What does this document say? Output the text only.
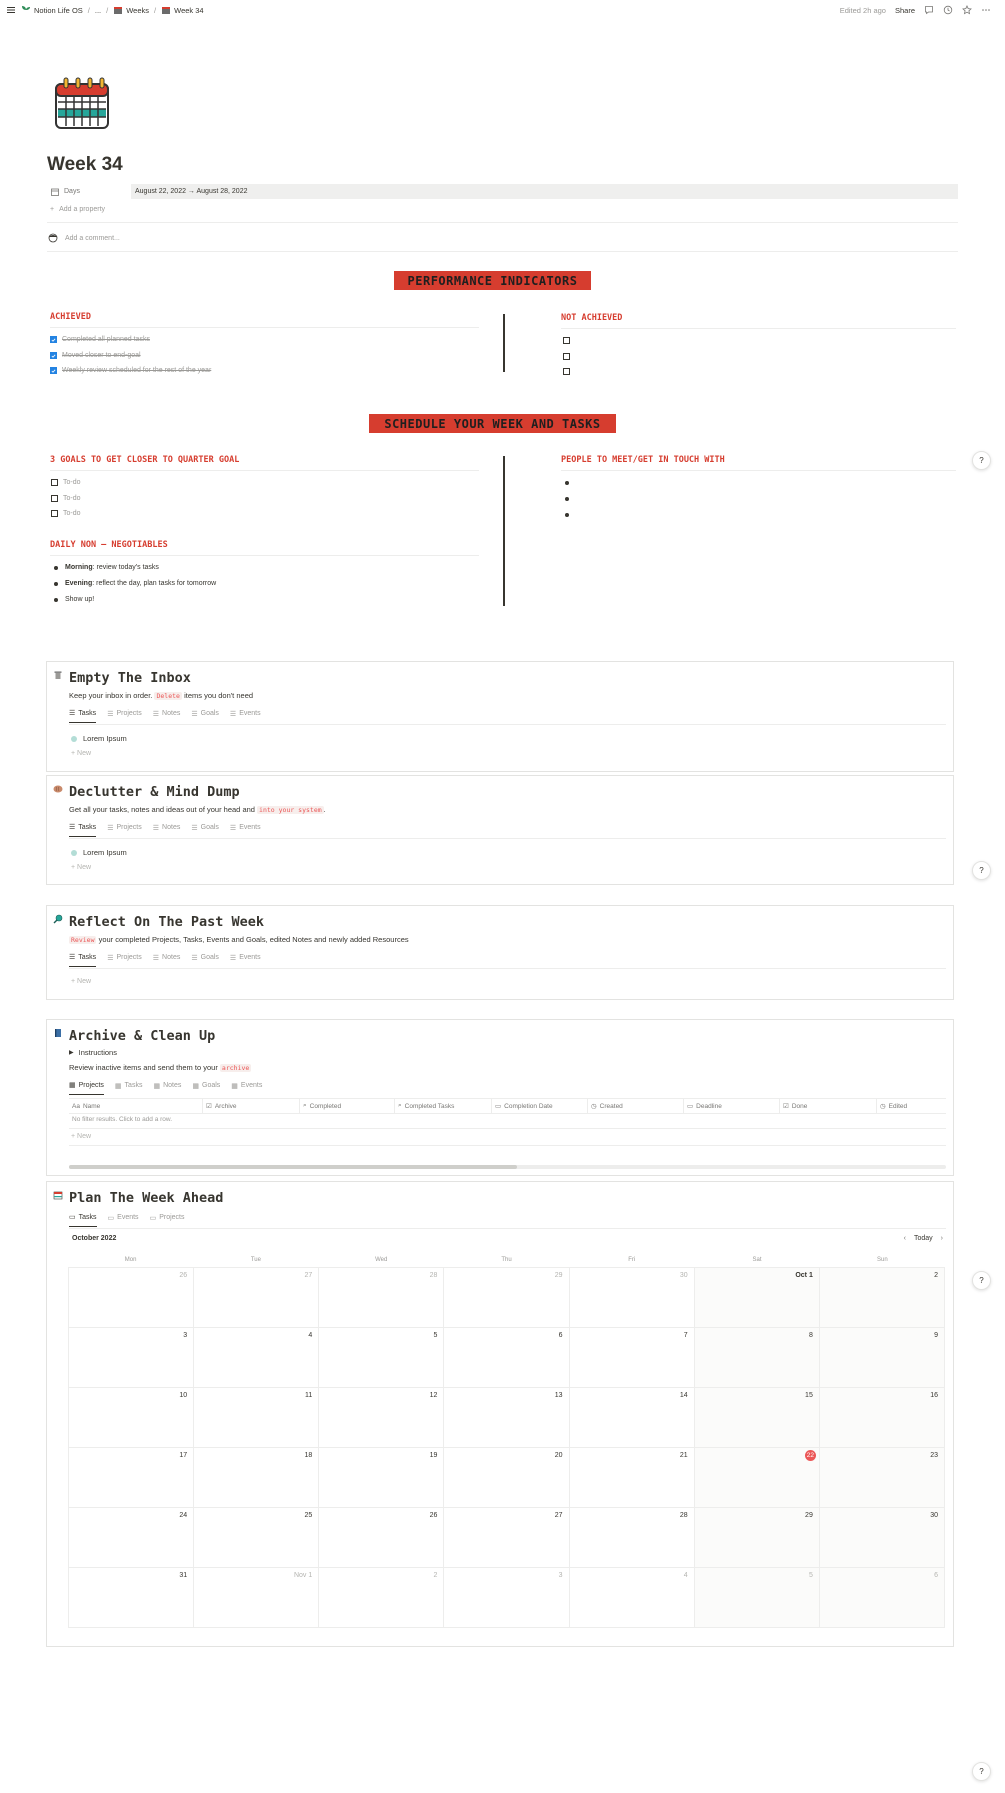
Notion Life OS / ... / Weeks / Week 34	Edited 2h ago Share
Week 34
Days	August 22, 2022 → August 28, 2022
+ Add a property
Add a comment...
PERFORMANCE INDICATORS
ACHIEVED
Completed all planned tasks
Moved closer to end-goal
Weekly review scheduled for the rest of the year
NOT ACHIEVED
SCHEDULE YOUR WEEK AND TASKS
3 GOALS TO GET CLOSER TO QUARTER GOAL
To-do
To-do
To-do
DAILY NON – NEGOTIABLES
Morning: review today's tasks
Evening: reflect the day, plan tasks for tomorrow
Show up!
PEOPLE TO MEET/GET IN TOUCH WITH
Empty The Inbox
Keep your inbox in order. Delete items you don't need
☰ Tasks ☰ Projects ☰ Notes ☰ Goals ☰ Events
Lorem Ipsum
+ New
Declutter & Mind Dump
Get all your tasks, notes and ideas out of your head and into your system .
☰ Tasks ☰ Projects ☰ Notes ☰ Goals ☰ Events
Lorem Ipsum
+ New
Reflect On The Past Week
Review your completed Projects, Tasks, Events and Goals, edited Notes and newly added Resources
☰ Tasks ☰ Projects ☰ Notes ☰ Goals ☰ Events
+ New
Archive & Clean Up
▶ Instructions
Review inactive items and send them to your archive
▦ Projects ▦ Tasks ▦ Notes ▦ Goals ▦ Events
Aa Name	☑ Archive	⌕ Completed	⌕ Completed Tasks	▭ Completion Date	◷ Created	▭ Deadline	☑ Done	◷ Edited
No filter results. Click to add a row.
+ New
Plan The Week Ahead
▭ Tasks ▭ Events ▭ Projects
October 2022	‹ Today ›
Mon	Tue	Wed	Thu	Fri	Sat	Sun
26	27	28	29	30	Oct 1	2
3	4	5	6	7	8	9
10	11	12	13	14	15	16
17	18	19	20	21	22	23
24	25	26	27	28	29	30
31	Nov 1	2	3	4	5	6
?
?
?
?
